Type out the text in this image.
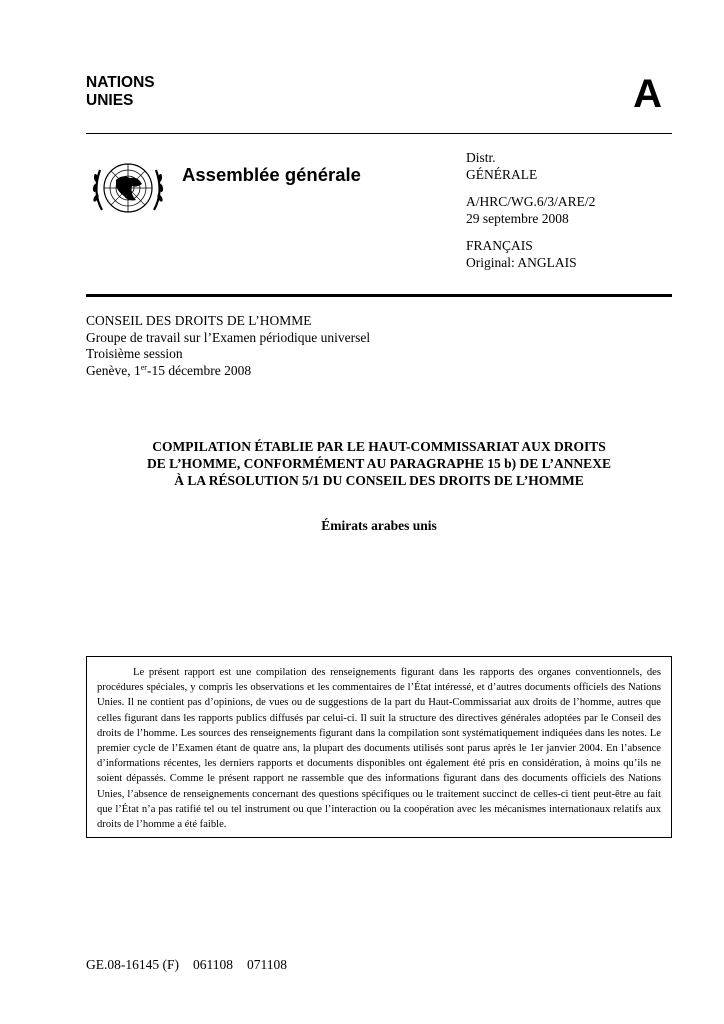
NATIONS
UNIES	A
Assemblée générale
Distr.
GÉNÉRALE
A/HRC/WG.6/3/ARE/2
29 septembre 2008
FRANÇAIS
Original: ANGLAIS
CONSEIL DES DROITS DE L’HOMME
Groupe de travail sur l’Examen périodique universel
Troisième session
Genève, 1er-15 décembre 2008
COMPILATION ÉTABLIE PAR LE HAUT-COMMISSARIAT AUX DROITS
DE L’HOMME, CONFORMÉMENT AU PARAGRAPHE 15 b) DE L’ANNEXE
À LA RÉSOLUTION 5/1 DU CONSEIL DES DROITS DE L’HOMME
Émirats arabes unis

Le présent rapport est une compilation des renseignements figurant dans les rapports des organes conventionnels, des procédures spéciales, y compris les observations et les commentaires de l’État intéressé, et d’autres documents officiels des Nations Unies. Il ne contient pas d’opinions, de vues ou de suggestions de la part du Haut-Commissariat aux droits de l’homme, autres que celles figurant dans les rapports publics diffusés par celui-ci. Il suit la structure des directives générales adoptées par le Conseil des droits de l’homme. Les sources des renseignements figurant dans la compilation sont systématiquement indiquées dans les notes. Le premier cycle de l’Examen étant de quatre ans, la plupart des documents utilisés sont parus après le 1er janvier 2004. En l’absence d’informations récentes, les derniers rapports et documents disponibles ont également été pris en considération, à moins qu’ils ne soient dépassés. Comme le présent rapport ne rassemble que des informations figurant dans des documents officiels des Nations Unies, l’absence de renseignements concernant des questions spécifiques ou le traitement succinct de celles-ci tient peut-être au fait que l’État n’a pas ratifié tel ou tel instrument ou que l’interaction ou la coopération avec les mécanismes internationaux relatifs aux droits de l’homme a été faible.

GE.08-16145 (F) 061108 071108
